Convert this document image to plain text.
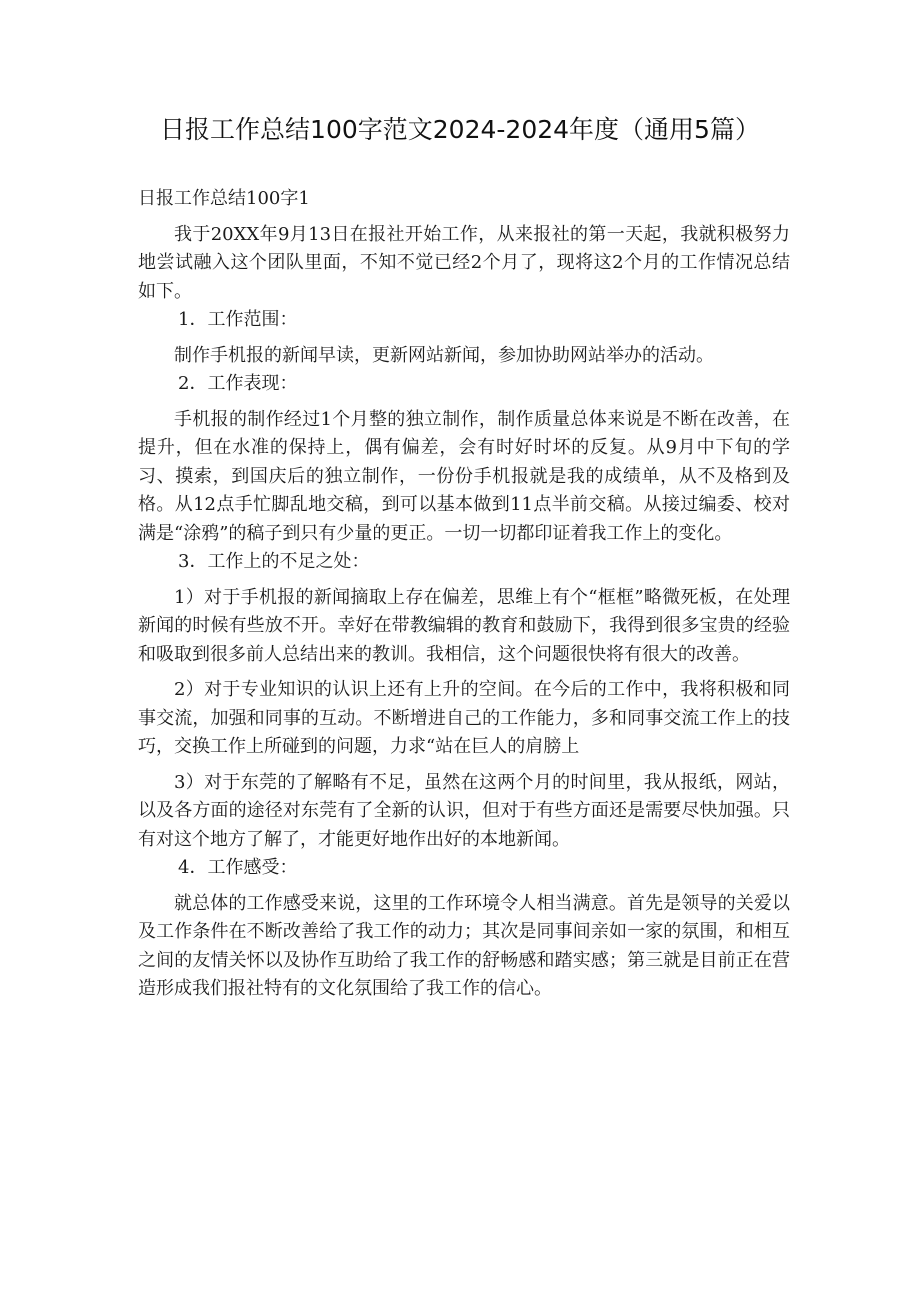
日报工作总结100字范文2024-2024年度（通用5篇）

日报工作总结100字1

我于20XX年9月13日在报社开始工作，从来报社的第一天起，我就积极努力地尝试融入这个团队里面，不知不觉已经2个月了，现将这2个月的工作情况总结如下。

1．工作范围：

制作手机报的新闻早读，更新网站新闻，参加协助网站举办的活动。

2．工作表现：

手机报的制作经过1个月整的独立制作，制作质量总体来说是不断在改善，在提升，但在水准的保持上，偶有偏差，会有时好时坏的反复。从9月中下旬的学习、摸索，到国庆后的独立制作，一份份手机报就是我的成绩单，从不及格到及格。从12点手忙脚乱地交稿，到可以基本做到11点半前交稿。从接过编委、校对满是“涂鸦”的稿子到只有少量的更正。一切一切都印证着我工作上的变化。

3．工作上的不足之处：

1）对于手机报的新闻摘取上存在偏差，思维上有个“框框”略微死板，在处理新闻的时候有些放不开。幸好在带教编辑的教育和鼓励下，我得到很多宝贵的经验和吸取到很多前人总结出来的教训。我相信，这个问题很快将有很大的改善。

2）对于专业知识的认识上还有上升的空间。在今后的工作中，我将积极和同事交流，加强和同事的互动。不断增进自己的工作能力，多和同事交流工作上的技巧，交换工作上所碰到的问题，力求“站在巨人的肩膀上

3）对于东莞的了解略有不足，虽然在这两个月的时间里，我从报纸，网站，以及各方面的途径对东莞有了全新的认识，但对于有些方面还是需要尽快加强。只有对这个地方了解了，才能更好地作出好的本地新闻。

4．工作感受：

就总体的工作感受来说，这里的工作环境令人相当满意。首先是领导的关爱以及工作条件在不断改善给了我工作的动力；其次是同事间亲如一家的氛围，和相互之间的友情关怀以及协作互助给了我工作的舒畅感和踏实感；第三就是目前正在营造形成我们报社特有的文化氛围给了我工作的信心。
